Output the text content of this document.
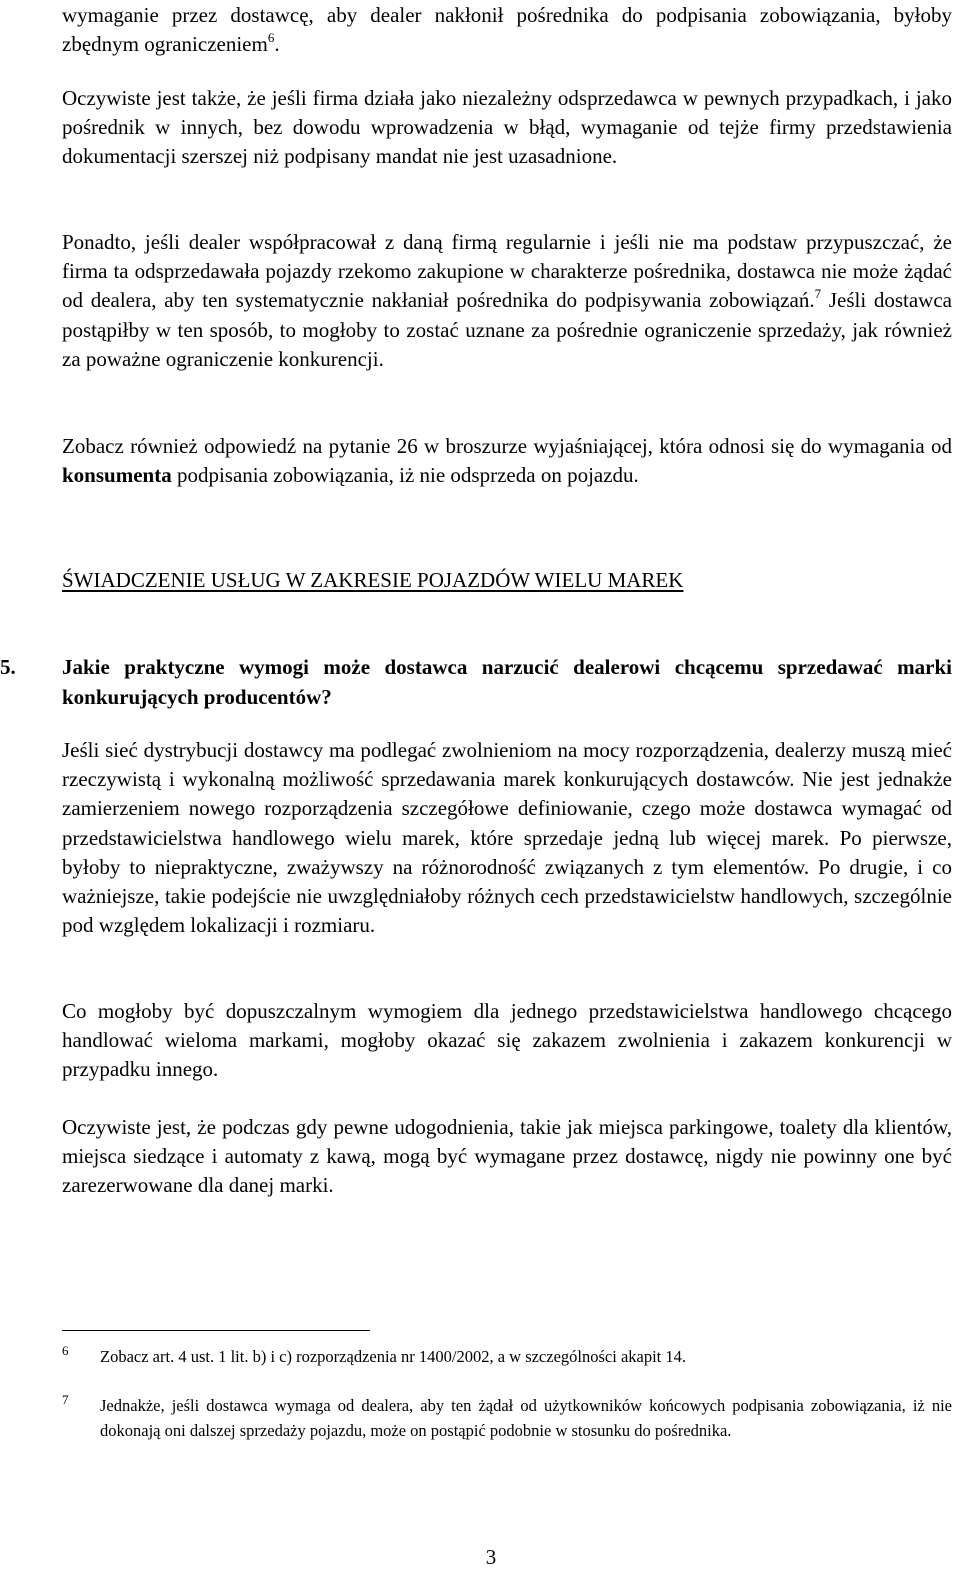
wymaganie przez dostawcę, aby dealer nakłonił pośrednika do podpisania zobowiązania, byłoby zbędnym ograniczeniem$^6$.

Oczywiste jest także, że jeśli firma działa jako niezależny odsprzedawca w pewnych przypadkach, i jako pośrednik w innych, bez dowodu wprowadzenia w błąd, wymaganie od tejże firmy przedstawienia dokumentacji szerszej niż podpisany mandat nie jest uzasadnione.

Ponadto, jeśli dealer współpracował z daną firmą regularnie i jeśli nie ma podstaw przypuszczać, że firma ta odsprzedawała pojazdy rzekomo zakupione w charakterze pośrednika, dostawca nie może żądać od dealera, aby ten systematycznie nakłaniał pośrednika do podpisywania zobowiązań.$^7$ Jeśli dostawca postąpiłby w ten sposób, to mogłoby to zostać uznane za pośrednie ograniczenie sprzedaży, jak również za poważne ograniczenie konkurencji.

Zobacz również odpowiedź na pytanie 26 w broszurze wyjaśniającej, która odnosi się do wymagania od konsumenta podpisania zobowiązania, iż nie odsprzeda on pojazdu.

ŚWIADCZENIE USŁUG W ZAKRESIE POJAZDÓW WIELU MAREK
5. Jakie praktyczne wymogi może dostawca narzucić dealerowi chcącemu sprzedawać marki konkurujących producentów?

Jeśli sieć dystrybucji dostawcy ma podlegać zwolnieniom na mocy rozporządzenia, dealerzy muszą mieć rzeczywistą i wykonalną możliwość sprzedawania marek konkurujących dostawców. Nie jest jednakże zamierzeniem nowego rozporządzenia szczegółowe definiowanie, czego może dostawca wymagać od przedstawicielstwa handlowego wielu marek, które sprzedaje jedną lub więcej marek. Po pierwsze, byłoby to niepraktyczne, zważywszy na różnorodność związanych z tym elementów. Po drugie, i co ważniejsze, takie podejście nie uwzględniałoby różnych cech przedstawicielstw handlowych, szczególnie pod względem lokalizacji i rozmiaru.

Co mogłoby być dopuszczalnym wymogiem dla jednego przedstawicielstwa handlowego chcącego handlować wieloma markami, mogłoby okazać się zakazem zwolnienia i zakazem konkurencji w przypadku innego.

Oczywiste jest, że podczas gdy pewne udogodnienia, takie jak miejsca parkingowe, toalety dla klientów, miejsca siedzące i automaty z kawą, mogą być wymagane przez dostawcę, nigdy nie powinny one być zarezerwowane dla danej marki.

6 Zobacz art. 4 ust. 1 lit. b) i c) rozporządzenia nr 1400/2002, a w szczególności akapit 14.
7 Jednakże, jeśli dostawca wymaga od dealera, aby ten żądał od użytkowników końcowych podpisania zobowiązania, iż nie dokonają oni dalszej sprzedaży pojazdu, może on postąpić podobnie w stosunku do pośrednika.
3
